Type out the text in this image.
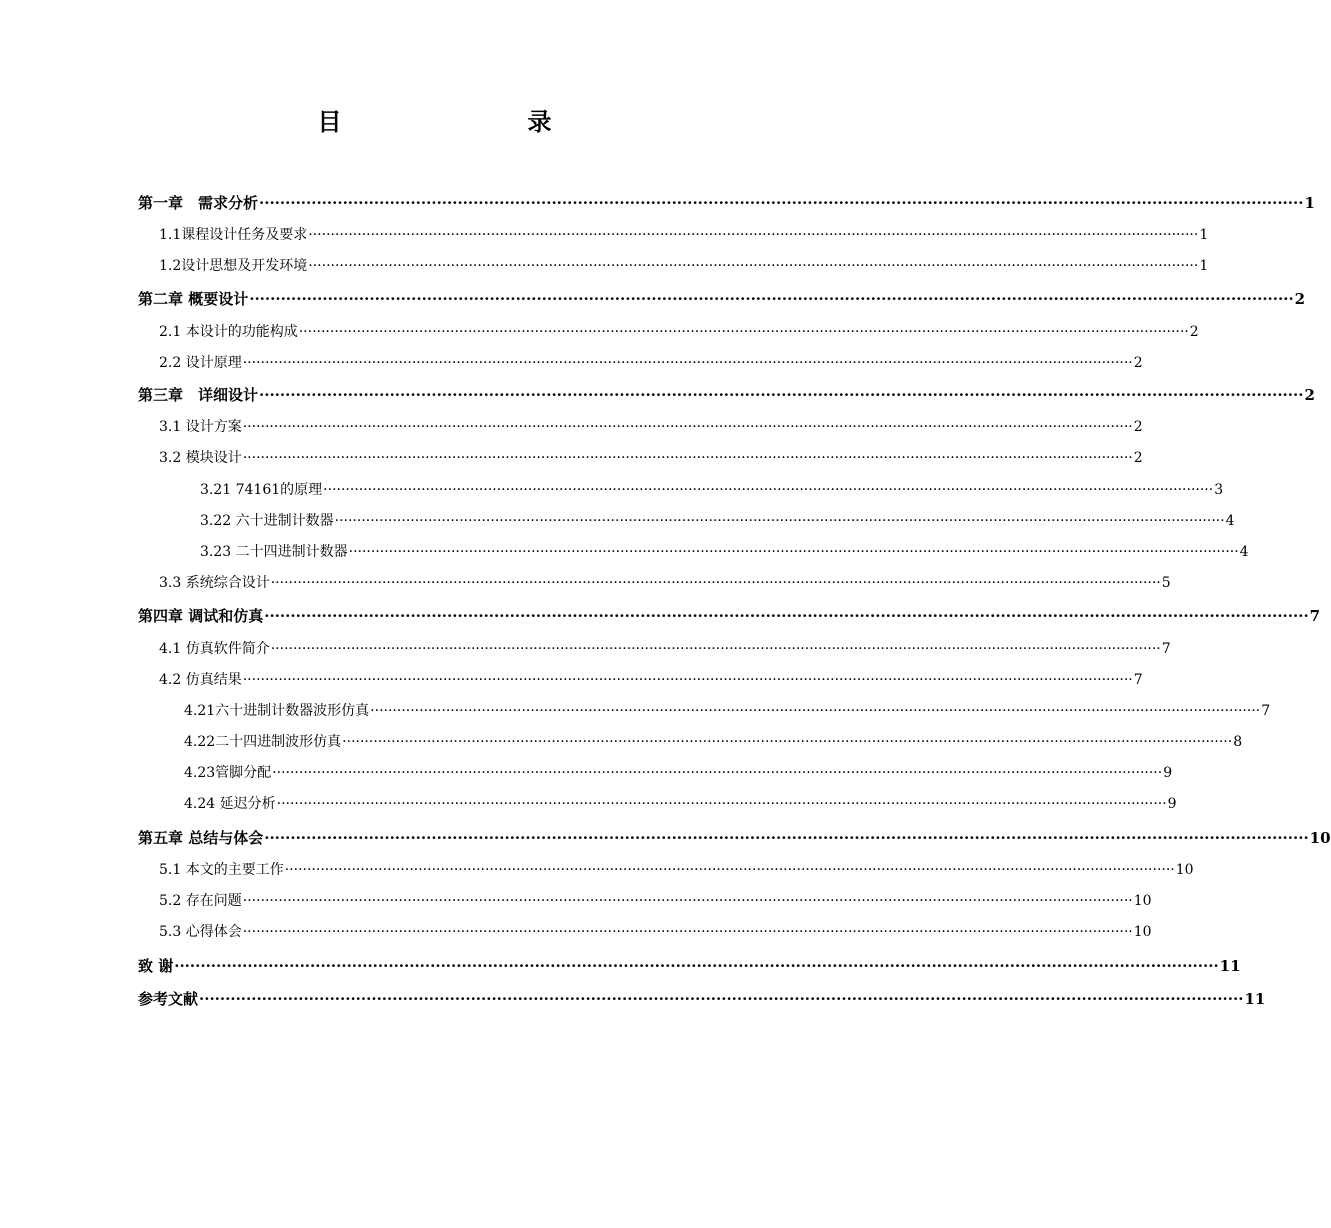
目　　录
第一章　需求分析 ········································································································································································································ 1
1.1课程设计任务及要求 ········································································································································································································ 1
1.2设计思想及开发环境 ········································································································································································································ 1
第二章 概要设计 ········································································································································································································ 2
2.1 本设计的功能构成 ········································································································································································································ 2
2.2 设计原理 ········································································································································································································ 2
第三章　详细设计 ········································································································································································································ 2
3.1 设计方案 ········································································································································································································ 2
3.2 模块设计 ········································································································································································································ 2
3.21 74161的原理 ········································································································································································································ 3
3.22 六十进制计数器 ········································································································································································································ 4
3.23 二十四进制计数器 ········································································································································································································ 4
3.3 系统综合设计 ········································································································································································································ 5
第四章 调试和仿真 ········································································································································································································ 7
4.1 仿真软件简介 ········································································································································································································ 7
4.2 仿真结果 ········································································································································································································ 7
4.21六十进制计数器波形仿真 ········································································································································································································ 7
4.22二十四进制波形仿真 ········································································································································································································ 8
4.23管脚分配 ········································································································································································································ 9
4.24 延迟分析 ········································································································································································································ 9
第五章 总结与体会 ········································································································································································································ 10
5.1 本文的主要工作 ········································································································································································································ 10
5.2 存在问题 ········································································································································································································ 10
5.3 心得体会 ········································································································································································································ 10
致 谢 ········································································································································································································ 11
参考文献 ········································································································································································································ 11
